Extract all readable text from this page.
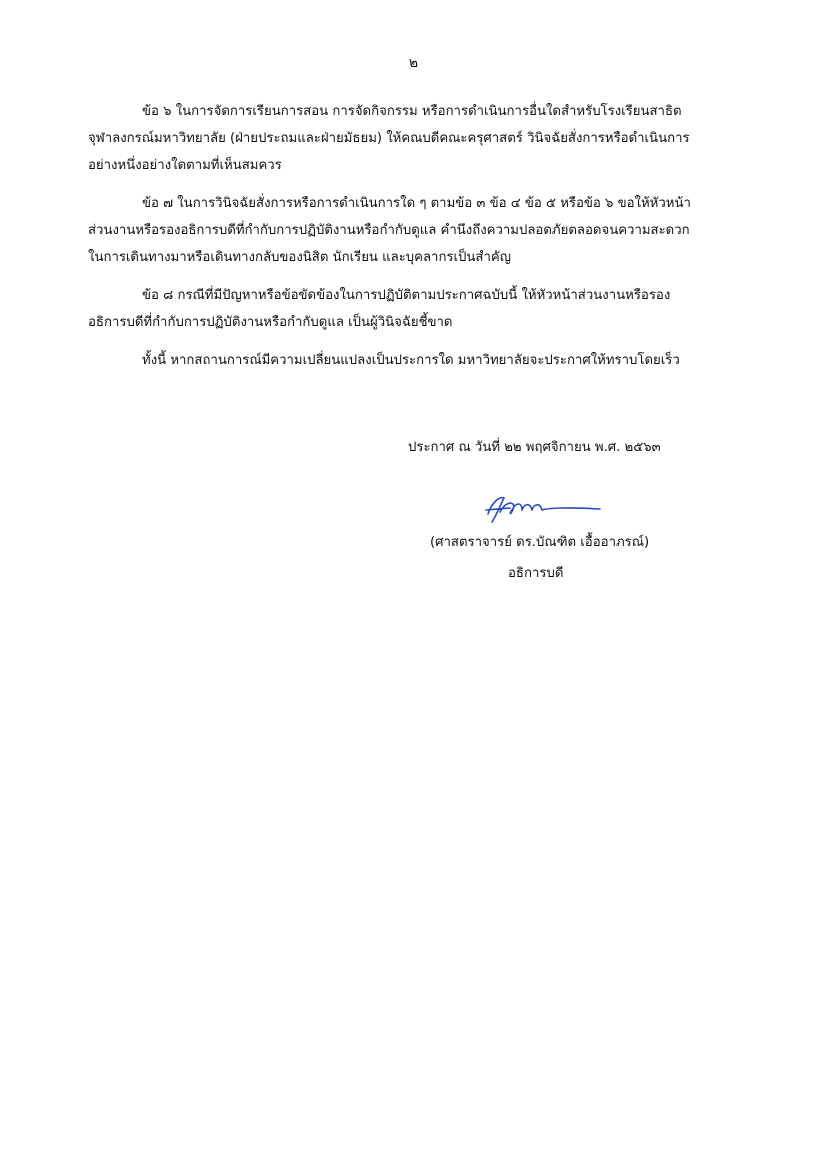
๒
ข้อ ๖ ในการจัดการเรียนการสอน การจัดกิจกรรม หรือการดำเนินการอื่นใดสำหรับโรงเรียนสาธิต
จุฬาลงกรณ์มหาวิทยาลัย (ฝ่ายประถมและฝ่ายมัธยม) ให้คณบดีคณะครุศาสตร์ วินิจฉัยสั่งการหรือดำเนินการ
อย่างหนึ่งอย่างใดตามที่เห็นสมควร
ข้อ ๗ ในการวินิจฉัยสั่งการหรือการดำเนินการใด ๆ ตามข้อ ๓ ข้อ ๔ ข้อ ๕ หรือข้อ ๖ ขอให้หัวหน้า
ส่วนงานหรือรองอธิการบดีที่กำกับการปฏิบัติงานหรือกำกับดูแล คำนึงถึงความปลอดภัยตลอดจนความสะดวก
ในการเดินทางมาหรือเดินทางกลับของนิสิต นักเรียน และบุคลากรเป็นสำคัญ
ข้อ ๘ กรณีที่มีปัญหาหรือข้อขัดข้องในการปฏิบัติตามประกาศฉบับนี้ ให้หัวหน้าส่วนงานหรือรอง
อธิการบดีที่กำกับการปฏิบัติงานหรือกำกับดูแล เป็นผู้วินิจฉัยชี้ขาด
ทั้งนี้ หากสถานการณ์มีความเปลี่ยนแปลงเป็นประการใด มหาวิทยาลัยจะประกาศให้ทราบโดยเร็ว
ประกาศ ณ วันที่ ๒๒ พฤศจิกายน พ.ศ. ๒๕๖๓
(ศาสตราจารย์ ดร.บัณฑิต เอื้ออาภรณ์)
อธิการบดี
